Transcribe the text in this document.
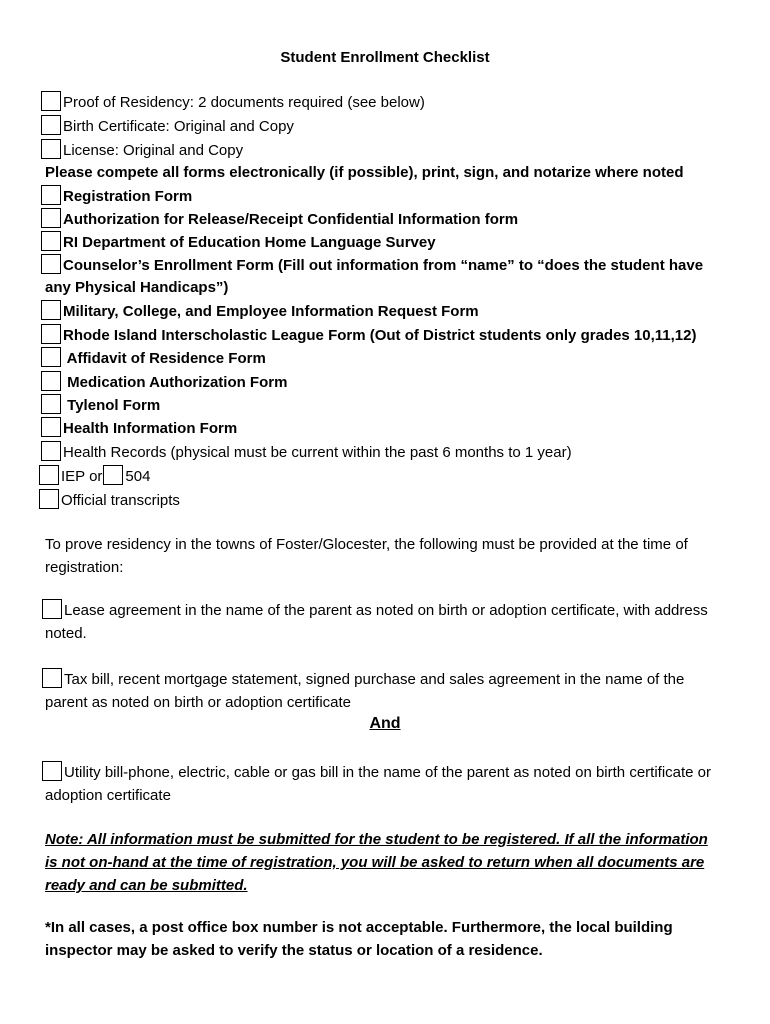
Student Enrollment Checklist
Proof of Residency: 2 documents required (see below)
Birth Certificate: Original and Copy
License: Original and Copy
Please compete all forms electronically (if possible), print, sign, and notarize where noted
Registration Form
Authorization for Release/Receipt Confidential Information form
RI Department of Education Home Language Survey
Counselor’s Enrollment Form (Fill out information from “name” to “does the student have
any Physical Handicaps”)
Military, College, and Employee Information Request Form
Rhode Island Interscholastic League Form (Out of District students only grades 10,11,12)
Affidavit of Residence Form
Medication Authorization Form
Tylenol Form
Health Information Form
Health Records (physical must be current within the past 6 months to 1 year)
IEP or 504
Official transcripts
To prove residency in the towns of Foster/Glocester, the following must be provided at the time of registration:
Lease agreement in the name of the parent as noted on birth or adoption certificate, with address noted.
Tax bill, recent mortgage statement, signed purchase and sales agreement in the name of the parent as noted on birth or adoption certificate
And
Utility bill-phone, electric, cable or gas bill in the name of the parent as noted on birth certificate or adoption certificate
Note: All information must be submitted for the student to be registered. If all the information is not on-hand at the time of registration, you will be asked to return when all documents are ready and can be submitted.
*In all cases, a post office box number is not acceptable. Furthermore, the local building inspector may be asked to verify the status or location of a residence.
